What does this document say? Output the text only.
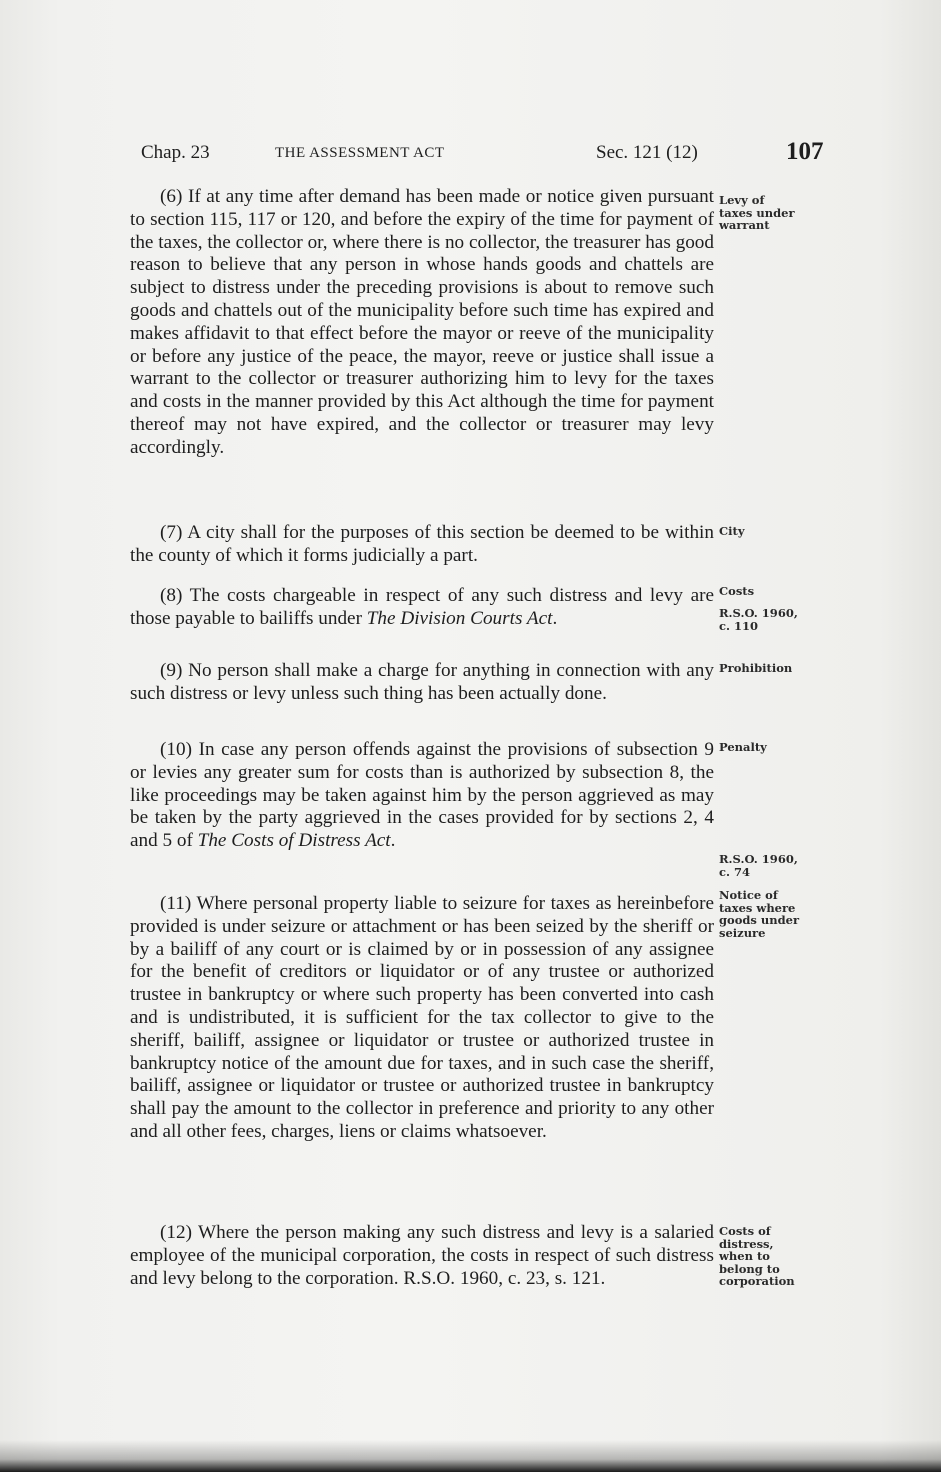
Chap. 23	THE ASSESSMENT ACT	Sec. 121 (12)	107

(6) If at any time after demand has been made or notice given pursuant to section 115, 117 or 120, and before the expiry of the time for payment of the taxes, the collector or, where there is no collector, the treasurer has good reason to believe that any person in whose hands goods and chattels are subject to distress under the preceding provisions is about to remove such goods and chattels out of the municipality before such time has expired and makes affidavit to that effect before the mayor or reeve of the municipality or before any justice of the peace, the mayor, reeve or justice shall issue a warrant to the collector or treasurer authorizing him to levy for the taxes and costs in the manner provided by this Act although the time for payment thereof may not have expired, and the collector or treasurer may levy accordingly.

(7) A city shall for the purposes of this section be deemed to be within the county of which it forms judicially a part.

(8) The costs chargeable in respect of any such distress and levy are those payable to bailiffs under The Division Courts Act.

(9) No person shall make a charge for anything in connection with any such distress or levy unless such thing has been actually done.

(10) In case any person offends against the provisions of subsection 9 or levies any greater sum for costs than is authorized by subsection 8, the like proceedings may be taken against him by the person aggrieved as may be taken by the party aggrieved in the cases provided for by sections 2, 4 and 5 of The Costs of Distress Act.

(11) Where personal property liable to seizure for taxes as hereinbefore provided is under seizure or attachment or has been seized by the sheriff or by a bailiff of any court or is claimed by or in possession of any assignee for the benefit of creditors or liquidator or of any trustee or authorized trustee in bankruptcy or where such property has been converted into cash and is undistributed, it is sufficient for the tax collector to give to the sheriff, bailiff, assignee or liquidator or trustee or authorized trustee in bankruptcy notice of the amount due for taxes, and in such case the sheriff, bailiff, assignee or liquidator or trustee or authorized trustee in bankruptcy shall pay the amount to the collector in preference and priority to any other and all other fees, charges, liens or claims whatsoever.

(12) Where the person making any such distress and levy is a salaried employee of the municipal corporation, the costs in respect of such distress and levy belong to the corporation. R.S.O. 1960, c. 23, s. 121.

Levy of
taxes under
warrant
City
Costs
R.S.O. 1960,
c. 110
Prohibition
Penalty
R.S.O. 1960,
c. 74
Notice of
taxes where
goods under
seizure
Costs of
distress,
when to
belong to
corporation
